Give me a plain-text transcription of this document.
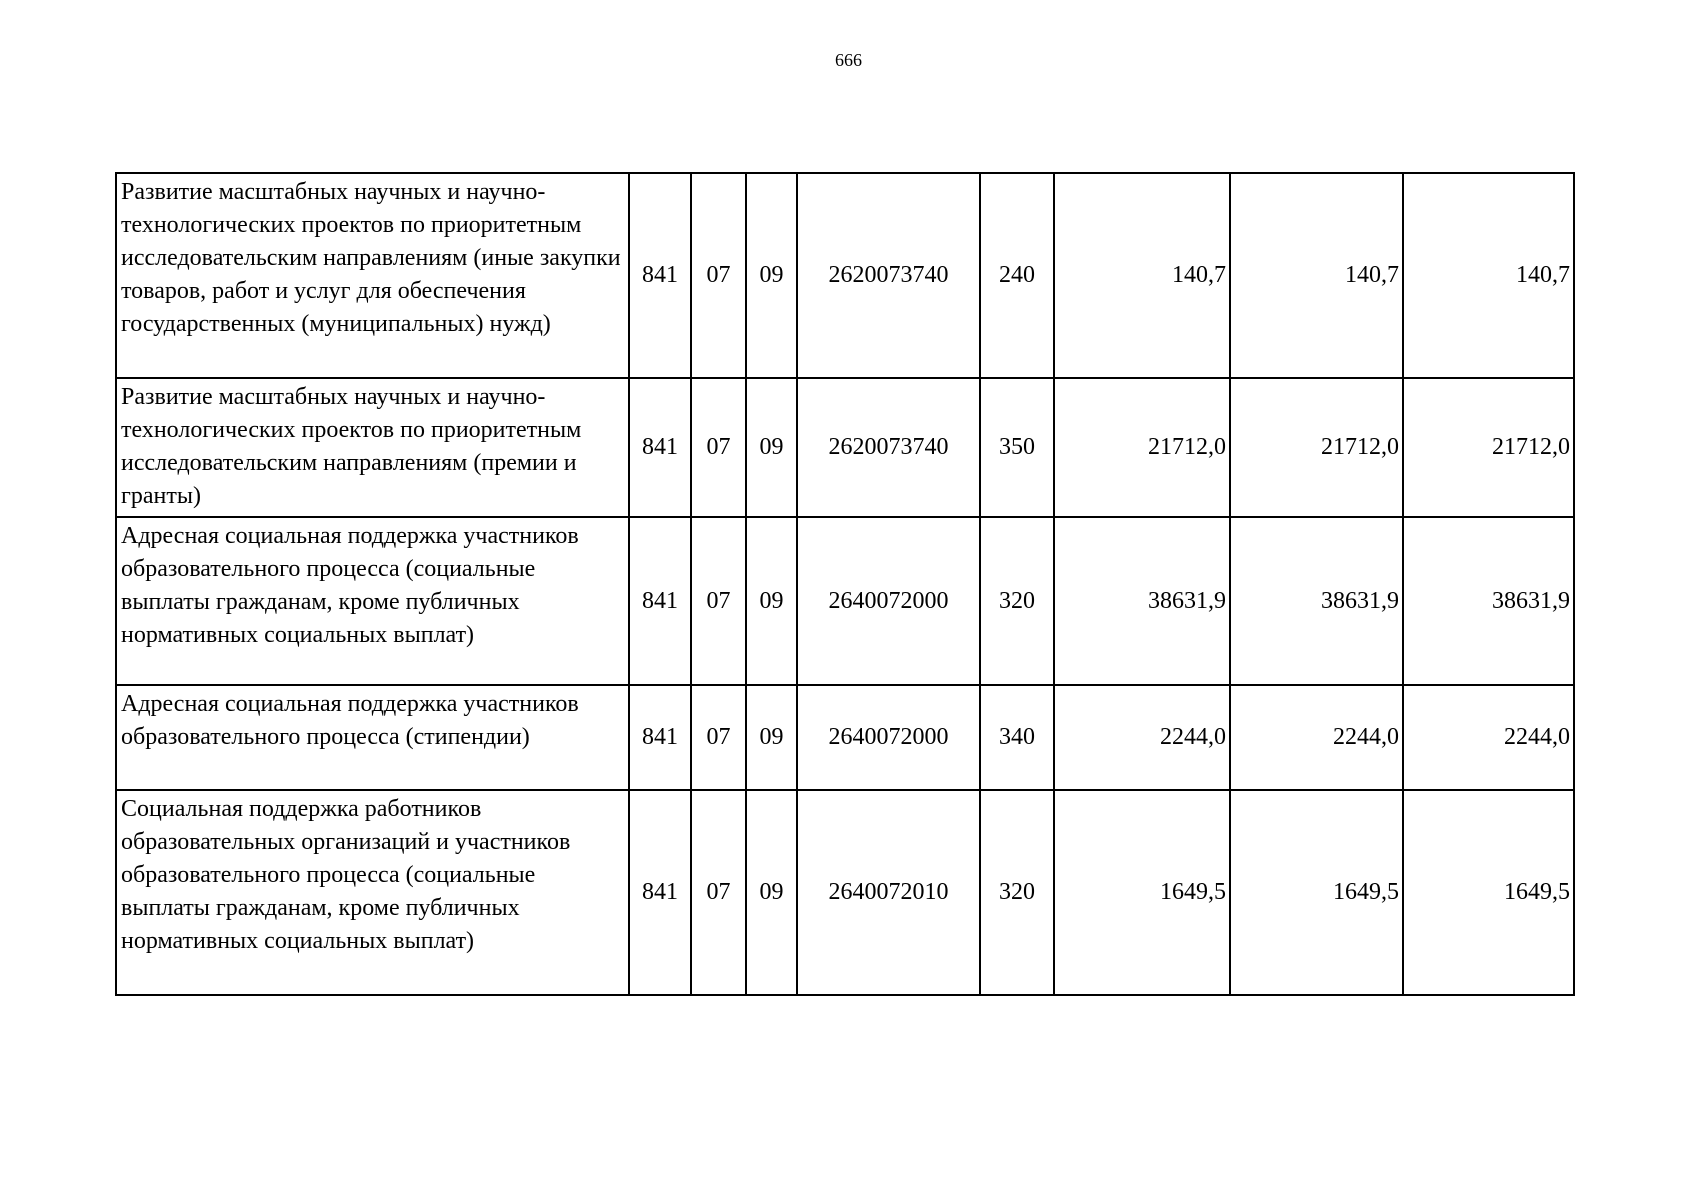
666
Развитие масштабных научных и научно-технологических проектов по приоритетным исследовательским направлениям (иные закупки товаров, работ и услуг для обеспечения государственных (муниципальных) нужд)	841	07	09	2620073740	240	140,7	140,7	140,7
Развитие масштабных научных и научно-технологических проектов по приоритетным исследовательским направлениям (премии и гранты)	841	07	09	2620073740	350	21712,0	21712,0	21712,0
Адресная социальная поддержка участников образовательного процесса (социальные выплаты гражданам, кроме публичных нормативных социальных выплат)	841	07	09	2640072000	320	38631,9	38631,9	38631,9
Адресная социальная поддержка участников образовательного процесса (стипендии)	841	07	09	2640072000	340	2244,0	2244,0	2244,0
Социальная поддержка работников образовательных организаций и участников образовательного процесса (социальные выплаты гражданам, кроме публичных нормативных социальных выплат)	841	07	09	2640072010	320	1649,5	1649,5	1649,5
